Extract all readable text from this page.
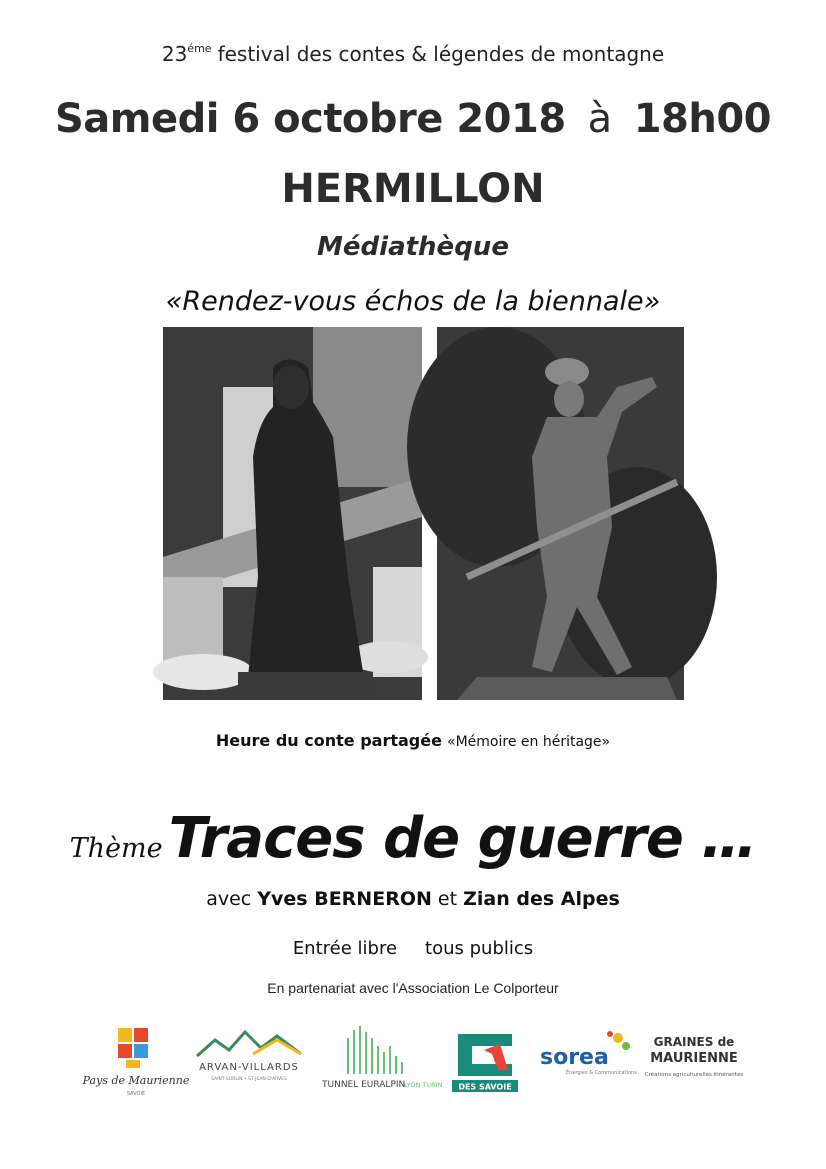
$23^{éme}$ festival des contes & légendes de montagne
Samedi 6 octobre 2018 à 18h00
HERMILLON
Médiathèque
«Rendez-vous échos de la biennale»
Heure du conte partagée «Mémoire en héritage»
Thème Traces de guerre …
avec Yves BERNERON et Zian des Alpes
Entrée libre tous publics
En partenariat avec l'Association Le Colporteur
Pays de Maurienne
SAVOIE
ARVAN-VILLARDS
SAINT-SORLIN • ST-JEAN-D'ARVES
TUNNEL EURALPIN
LYON TURIN DES SAVOIE
sorea
Énergies & Communications
GRAINES de
MAURIENNE
Créations agriculturelles itinérantes
